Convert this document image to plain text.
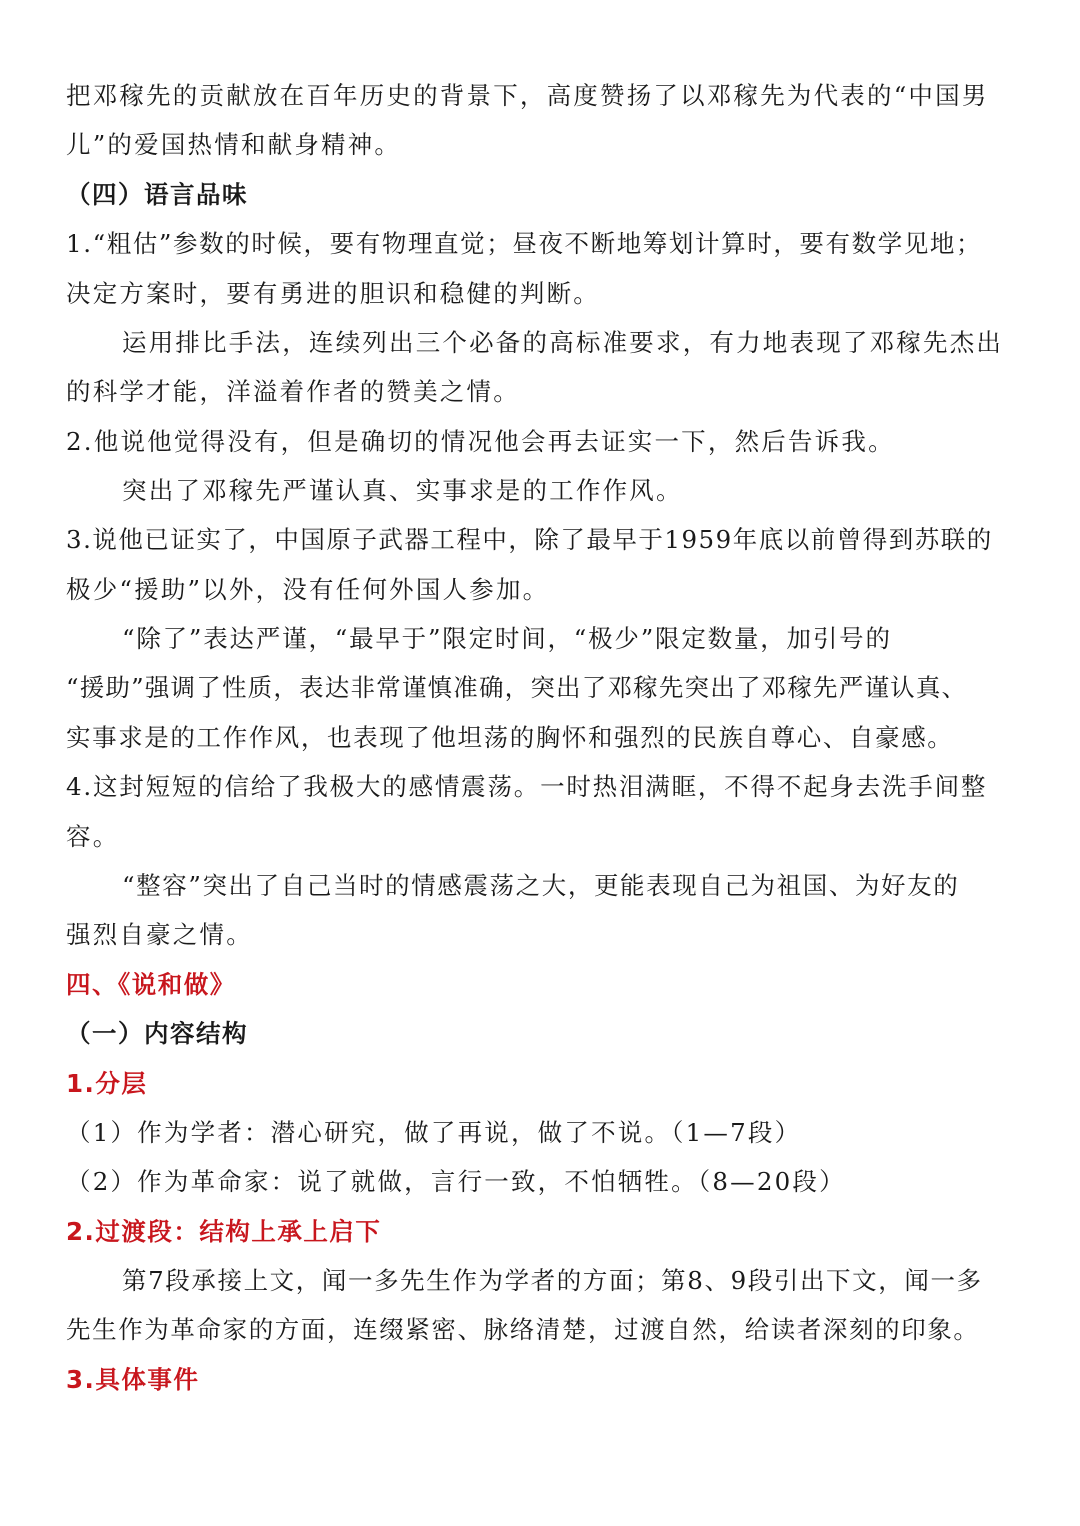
把邓稼先的贡献放在百年历史的背景下，高度赞扬了以邓稼先为代表的“中国男
儿”的爱国热情和献身精神。
（四）语言品味
1.“粗估”参数的时候，要有物理直觉；昼夜不断地筹划计算时，要有数学见地；
决定方案时，要有勇进的胆识和稳健的判断。
运用排比手法，连续列出三个必备的高标准要求，有力地表现了邓稼先杰出
的科学才能，洋溢着作者的赞美之情。
2.他说他觉得没有，但是确切的情况他会再去证实一下，然后告诉我。
突出了邓稼先严谨认真、实事求是的工作作风。
3.说他已证实了，中国原子武器工程中，除了最早于1959年底以前曾得到苏联的
极少“援助”以外，没有任何外国人参加。
“除了”表达严谨，“最早于”限定时间，“极少”限定数量，加引号的
“援助”强调了性质，表达非常谨慎准确，突出了邓稼先突出了邓稼先严谨认真、
实事求是的工作作风，也表现了他坦荡的胸怀和强烈的民族自尊心、自豪感。
4.这封短短的信给了我极大的感情震荡。一时热泪满眶，不得不起身去洗手间整
容。
“整容”突出了自己当时的情感震荡之大，更能表现自己为祖国、为好友的
强烈自豪之情。
四、《说和做》
（一）内容结构
1.分层
（1）作为学者：潜心研究，做了再说，做了不说。（1—7段）
（2）作为革命家：说了就做，言行一致，不怕牺牲。（8—20段）
2.过渡段：结构上承上启下
第7段承接上文，闻一多先生作为学者的方面；第8、9段引出下文，闻一多
先生作为革命家的方面，连缀紧密、脉络清楚，过渡自然，给读者深刻的印象。
3.具体事件
